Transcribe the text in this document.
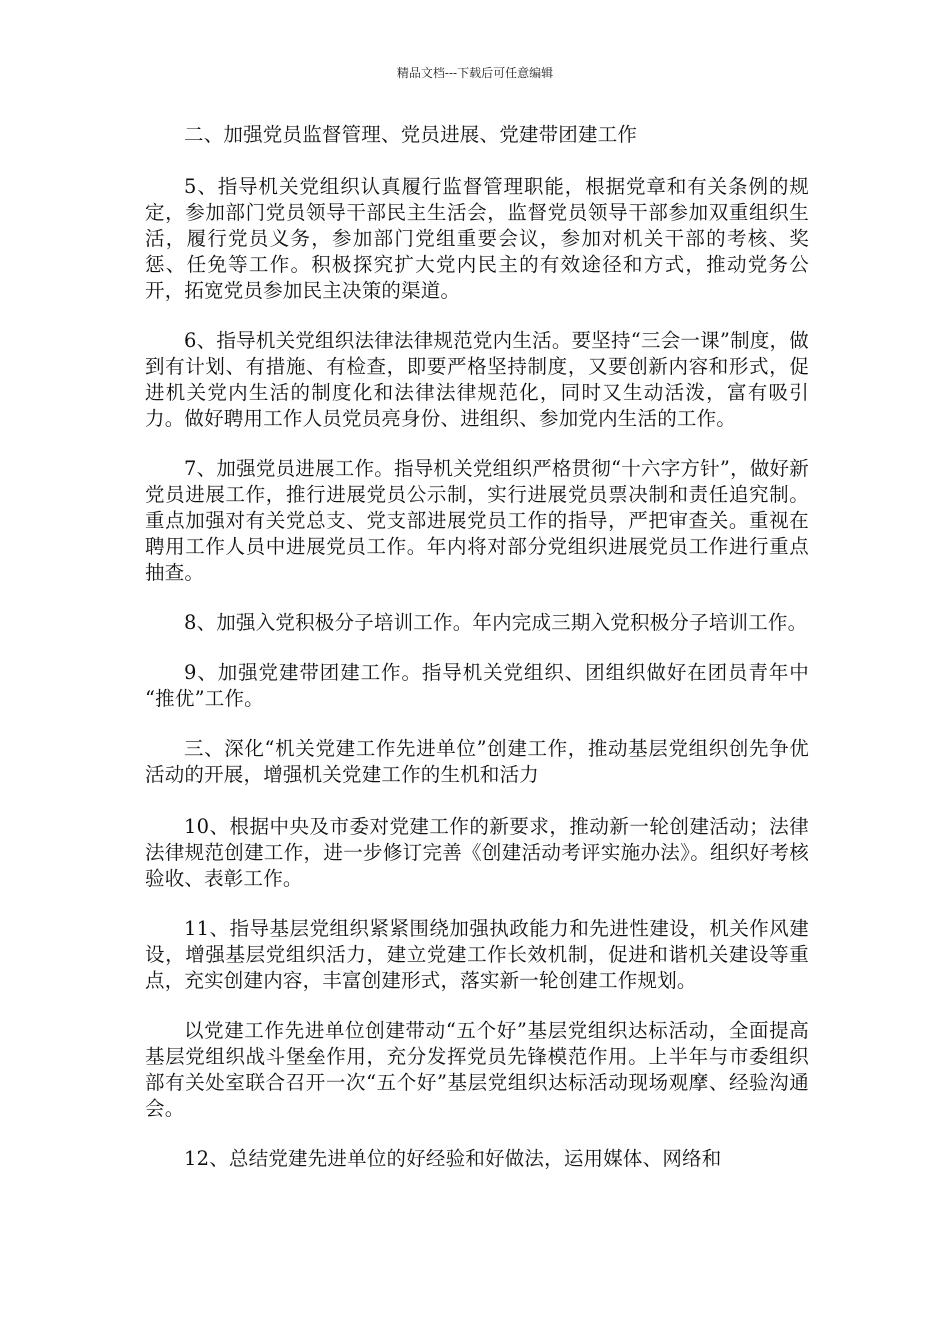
精品文档---下载后可任意编辑

二、加强党员监督管理、党员进展、党建带团建工作

5、指导机关党组织认真履行监督管理职能，根据党章和有关条例的规定，参加部门党员领导干部民主生活会，监督党员领导干部参加双重组织生活，履行党员义务，参加部门党组重要会议，参加对机关干部的考核、奖惩、任免等工作。积极探究扩大党内民主的有效途径和方式，推动党务公开，拓宽党员参加民主决策的渠道。

6、指导机关党组织法律法律规范党内生活。要坚持“三会一课”制度，做到有计划、有措施、有检查，即要严格坚持制度，又要创新内容和形式，促进机关党内生活的制度化和法律法律规范化，同时又生动活泼，富有吸引力。做好聘用工作人员党员亮身份、进组织、参加党内生活的工作。

7、加强党员进展工作。指导机关党组织严格贯彻“十六字方针”，做好新党员进展工作，推行进展党员公示制，实行进展党员票决制和责任追究制。重点加强对有关党总支、党支部进展党员工作的指导，严把审查关。重视在聘用工作人员中进展党员工作。年内将对部分党组织进展党员工作进行重点抽查。

8、加强入党积极分子培训工作。年内完成三期入党积极分子培训工作。

9、加强党建带团建工作。指导机关党组织、团组织做好在团员青年中 “推优”工作。

三、深化“机关党建工作先进单位”创建工作，推动基层党组织创先争优活动的开展，增强机关党建工作的生机和活力

10、根据中央及市委对党建工作的新要求，推动新一轮创建活动；法律法律规范创建工作，进一步修订完善《创建活动考评实施办法》。组织好考核验收、表彰工作。

11、指导基层党组织紧紧围绕加强执政能力和先进性建设，机关作风建设，增强基层党组织活力，建立党建工作长效机制，促进和谐机关建设等重点，充实创建内容，丰富创建形式，落实新一轮创建工作规划。

以党建工作先进单位创建带动“五个好”基层党组织达标活动，全面提高基层党组织战斗堡垒作用，充分发挥党员先锋模范作用。上半年与市委组织部有关处室联合召开一次“五个好”基层党组织达标活动现场观摩、经验沟通会。

12、总结党建先进单位的好经验和好做法，运用媒体、网络和
